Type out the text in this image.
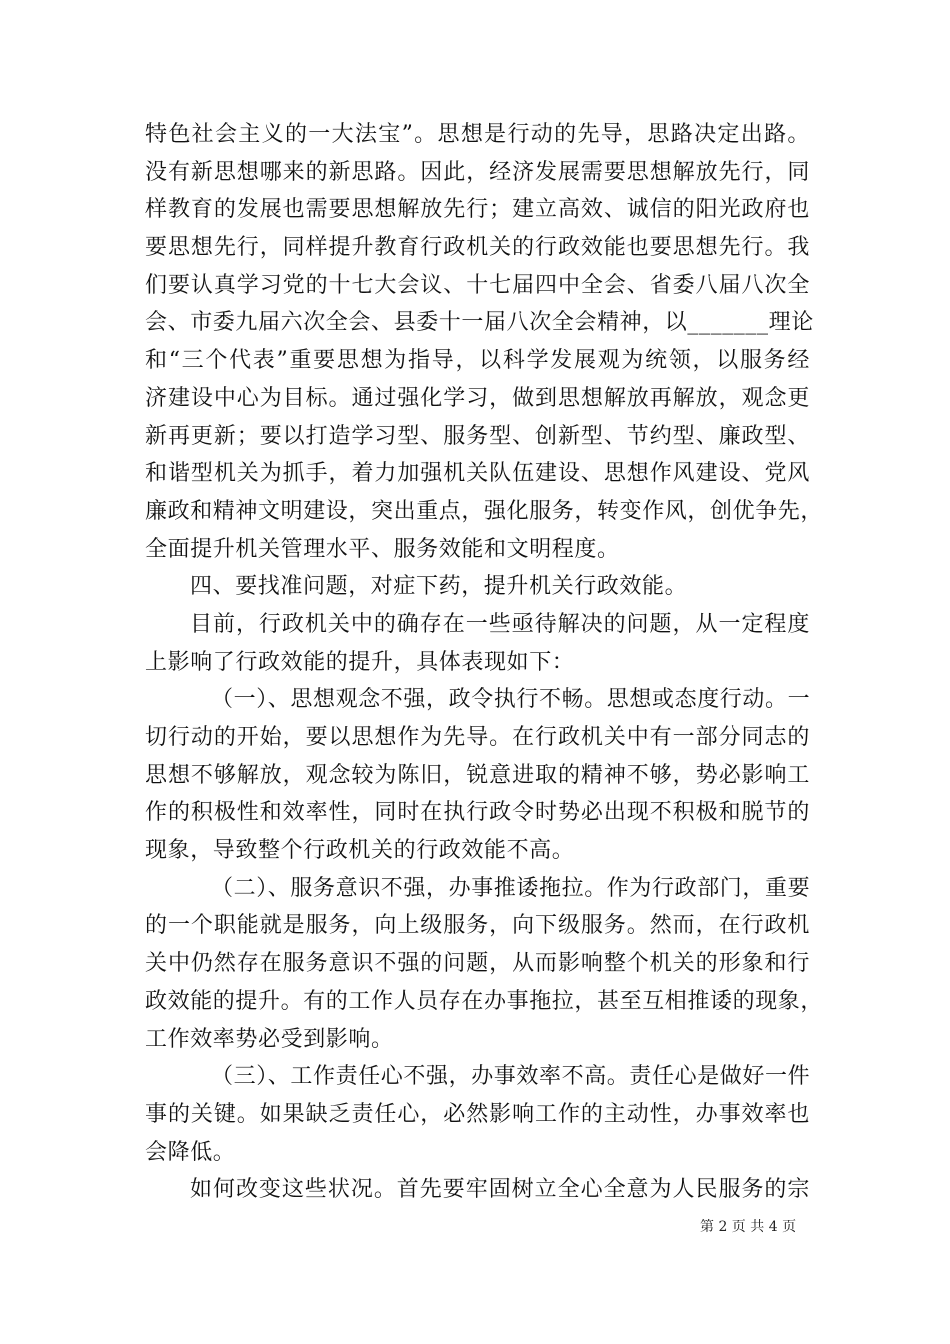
特色社会主义的一大法宝”。思想是行动的先导，思路决定出路。
没有新思想哪来的新思路。因此，经济发展需要思想解放先行，同
样教育的发展也需要思想解放先行；建立高效、诚信的阳光政府也
要思想先行，同样提升教育行政机关的行政效能也要思想先行。我
们要认真学习党的十七大会议、十七届四中全会、省委八届八次全
会、市委九届六次全会、县委十一届八次全会精神，以_______理论
和“三个代表”重要思想为指导，以科学发展观为统领，以服务经
济建设中心为目标。通过强化学习，做到思想解放再解放，观念更
新再更新；要以打造学习型、服务型、创新型、节约型、廉政型、
和谐型机关为抓手，着力加强机关队伍建设、思想作风建设、党风
廉政和精神文明建设，突出重点，强化服务，转变作风，创优争先，
全面提升机关管理水平、服务效能和文明程度。
四、要找准问题，对症下药，提升机关行政效能。
目前，行政机关中的确存在一些亟待解决的问题，从一定程度
上影响了行政效能的提升，具体表现如下：
（一）、思想观念不强，政令执行不畅。思想或态度行动。一
切行动的开始，要以思想作为先导。在行政机关中有一部分同志的
思想不够解放，观念较为陈旧，锐意进取的精神不够，势必影响工
作的积极性和效率性，同时在执行政令时势必出现不积极和脱节的
现象，导致整个行政机关的行政效能不高。
（二）、服务意识不强，办事推诿拖拉。作为行政部门，重要
的一个职能就是服务，向上级服务，向下级服务。然而，在行政机
关中仍然存在服务意识不强的问题，从而影响整个机关的形象和行
政效能的提升。有的工作人员存在办事拖拉，甚至互相推诿的现象，
工作效率势必受到影响。
（三）、工作责任心不强，办事效率不高。责任心是做好一件
事的关键。如果缺乏责任心，必然影响工作的主动性，办事效率也
会降低。
如何改变这些状况。首先要牢固树立全心全意为人民服务的宗
第 2 页 共 4 页
